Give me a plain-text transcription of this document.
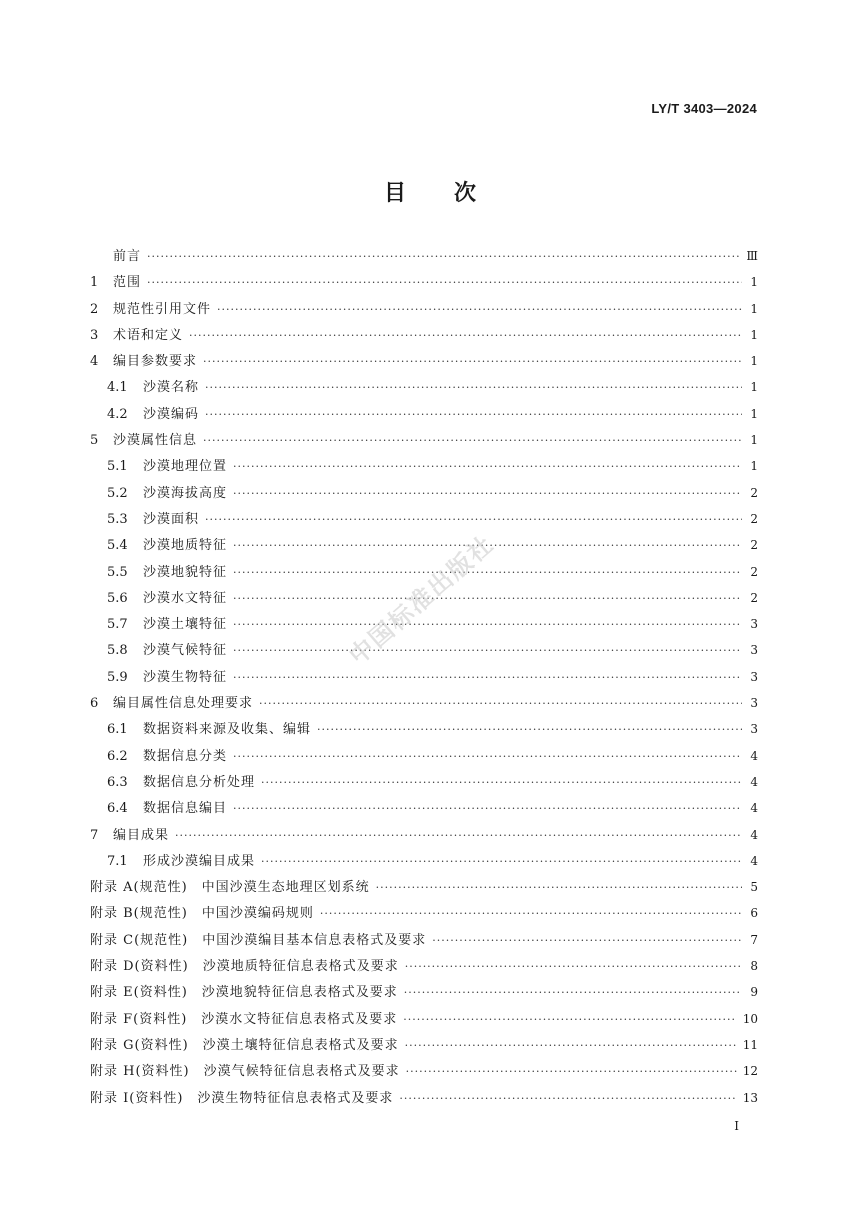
LY/T 3403—2024
目次
前言 ·····	Ⅲ
1	范围 ·····	1
2	规范性引用文件 ·····	1
3	术语和定义 ·····	1
4	编目参数要求 ·····	1
4.1	沙漠名称 ·····	1
4.2	沙漠编码 ·····	1
5	沙漠属性信息 ·····	1
5.1	沙漠地理位置 ·····	1
5.2	沙漠海拔高度 ·····	2
5.3	沙漠面积 ·····	2
5.4	沙漠地质特征 ·····	2
5.5	沙漠地貌特征 ·····	2
5.6	沙漠水文特征 ·····	2
5.7	沙漠土壤特征 ·····	3
5.8	沙漠气候特征 ·····	3
5.9	沙漠生物特征 ·····	3
6	编目属性信息处理要求 ·····	3
6.1	数据资料来源及收集、编辑 ·····	3
6.2	数据信息分类 ·····	4
6.3	数据信息分析处理 ·····	4
6.4	数据信息编目 ·····	4
7	编目成果 ·····	4
7.1	形成沙漠编目成果 ·····	4
附录 A(规范性)　中国沙漠生态地理区划系统 ·····	5
附录 B(规范性)　中国沙漠编码规则 ·····	6
附录 C(规范性)　中国沙漠编目基本信息表格式及要求 ·····	7
附录 D(资料性)　沙漠地质特征信息表格式及要求 ·····	8
附录 E(资料性)　沙漠地貌特征信息表格式及要求 ·····	9
附录 F(资料性)　沙漠水文特征信息表格式及要求 ·····	10
附录 G(资料性)　沙漠土壤特征信息表格式及要求 ·····	11
附录 H(资料性)　沙漠气候特征信息表格式及要求 ·····	12
附录 I(资料性)　沙漠生物特征信息表格式及要求 ·····	13
I
中国标准出版社
